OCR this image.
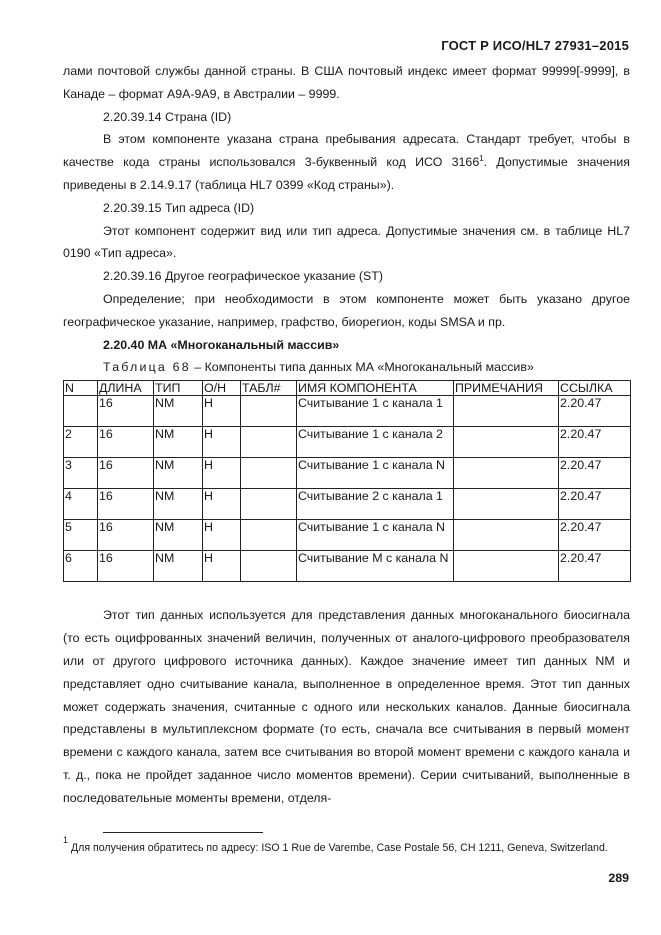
ГОСТ Р ИСО/HL7 27931–2015

лами почтовой службы данной страны. В США почтовый индекс имеет формат 99999[-9999], в Канаде – формат А9А-9А9, в Австралии – 9999.

2.20.39.14 Страна (ID)

В этом компоненте указана страна пребывания адресата. Стандарт требует, чтобы в качестве кода страны использовался 3-буквенный код ИСО 3166$^1$. Допустимые значения приведены в 2.14.9.17 (таблица HL7 0399 «Код страны»).

2.20.39.15 Тип адреса (ID)

Этот компонент содержит вид или тип адреса. Допустимые значения см. в таблице HL7 0190 «Тип адреса».

2.20.39.16 Другое географическое указание (ST)

Определение; при необходимости в этом компоненте может быть указано другое географическое указание, например, графство, биорегион, коды SMSA и пр.

2.20.40 МА «Многоканальный массив»

Таблица 68 – Компоненты типа данных МА «Многоканальный массив»

N	ДЛИНА	ТИП	О/Н	ТАБЛ#	ИМЯ КОМПОНЕНТА	ПРИМЕЧАНИЯ	ССЫЛКА
	16	NM	Н		Считывание 1 с канала 1		2.20.47
2	16	NM	Н		Считывание 1 с канала 2		2.20.47
3	16	NM	Н		Считывание 1 с канала N		2.20.47
4	16	NM	Н		Считывание 2 с канала 1		2.20.47
5	16	NM	Н		Считывание 1 с канала N		2.20.47
6	16	NM	Н		Считывание М с канала N		2.20.47

Этот тип данных используется для представления данных многоканального биосигнала (то есть оцифрованных значений величин, полученных от аналого-цифрового преобразователя или от другого цифрового источника данных). Каждое значение имеет тип данных NM и представляет одно считывание канала, выполненное в определенное время. Этот тип данных может содержать значения, считанные с одного или нескольких каналов. Данные биосигнала представлены в мультиплексном формате (то есть, сначала все считывания в первый момент времени с каждого канала, затем все считывания во второй момент времени с каждого канала и т. д., пока не пройдет заданное число моментов времени). Серии считываний, выполненные в последовательные моменты времени, отделя-

1
Для получения обратитесь по адресу: ISO 1 Rue de Varembe, Case Postale 56, CH 1211, Geneva, Switzerland.
289
